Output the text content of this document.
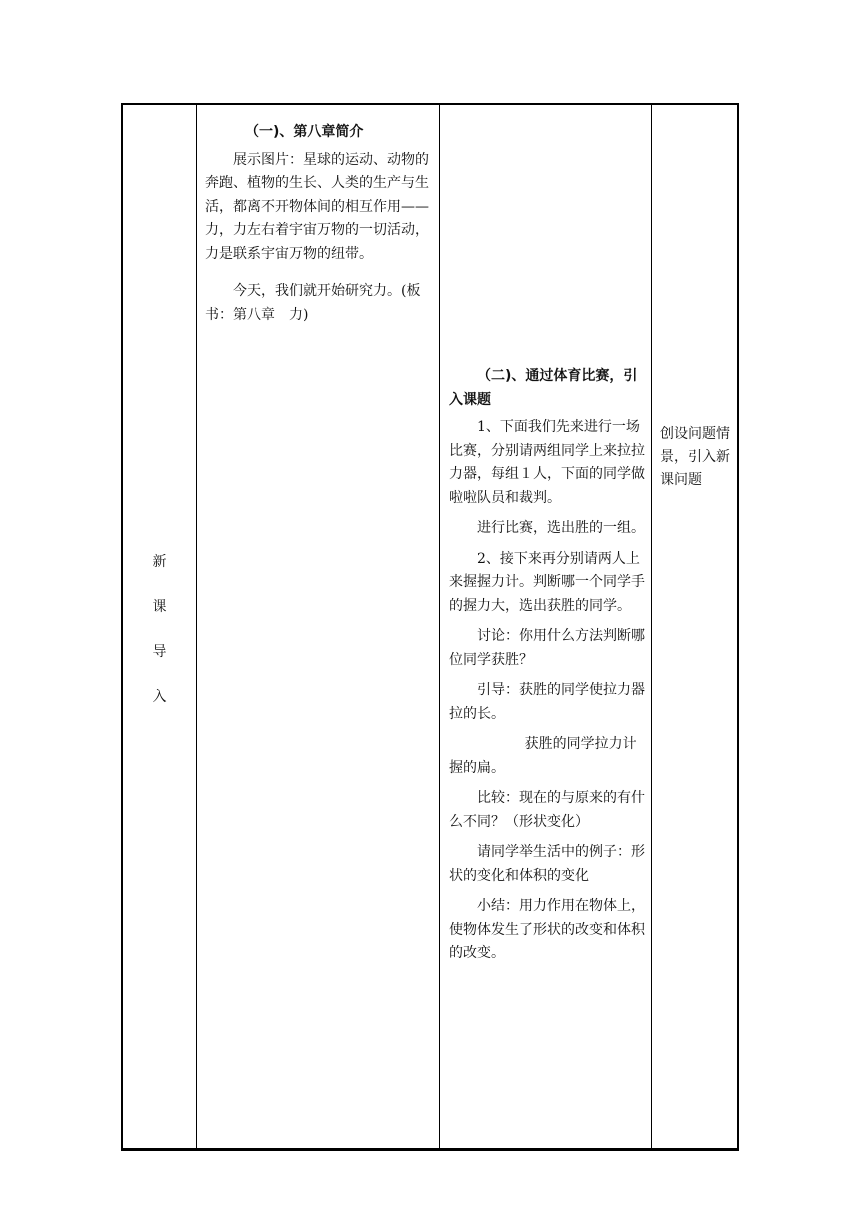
新
课
导
入

（一)、第八章简介

展示图片：星球的运动、动物的奔跑、植物的生长、人类的生产与生活，都离不开物体间的相互作用——力，力左右着宇宙万物的一切活动，力是联系宇宙万物的纽带。

今天，我们就开始研究力。(板书：第八章　力)

（二)、通过体育比赛，引入课题

1、下面我们先来进行一场比赛，分别请两组同学上来拉拉力器，每组１人，下面的同学做啦啦队员和裁判。

进行比赛，选出胜的一组。

2、接下来再分别请两人上来握握力计。判断哪一个同学手的握力大，选出获胜的同学。

讨论：你用什么方法判断哪位同学获胜？

引导：获胜的同学使拉力器拉的长。

获胜的同学拉力计握的扁。

比较：现在的与原来的有什么不同？（形状变化）

请同学举生活中的例子：形状的变化和体积的变化

小结：用力作用在物体上，使物体发生了形状的改变和体积的改变。

创设问题情景，引入新课问题
